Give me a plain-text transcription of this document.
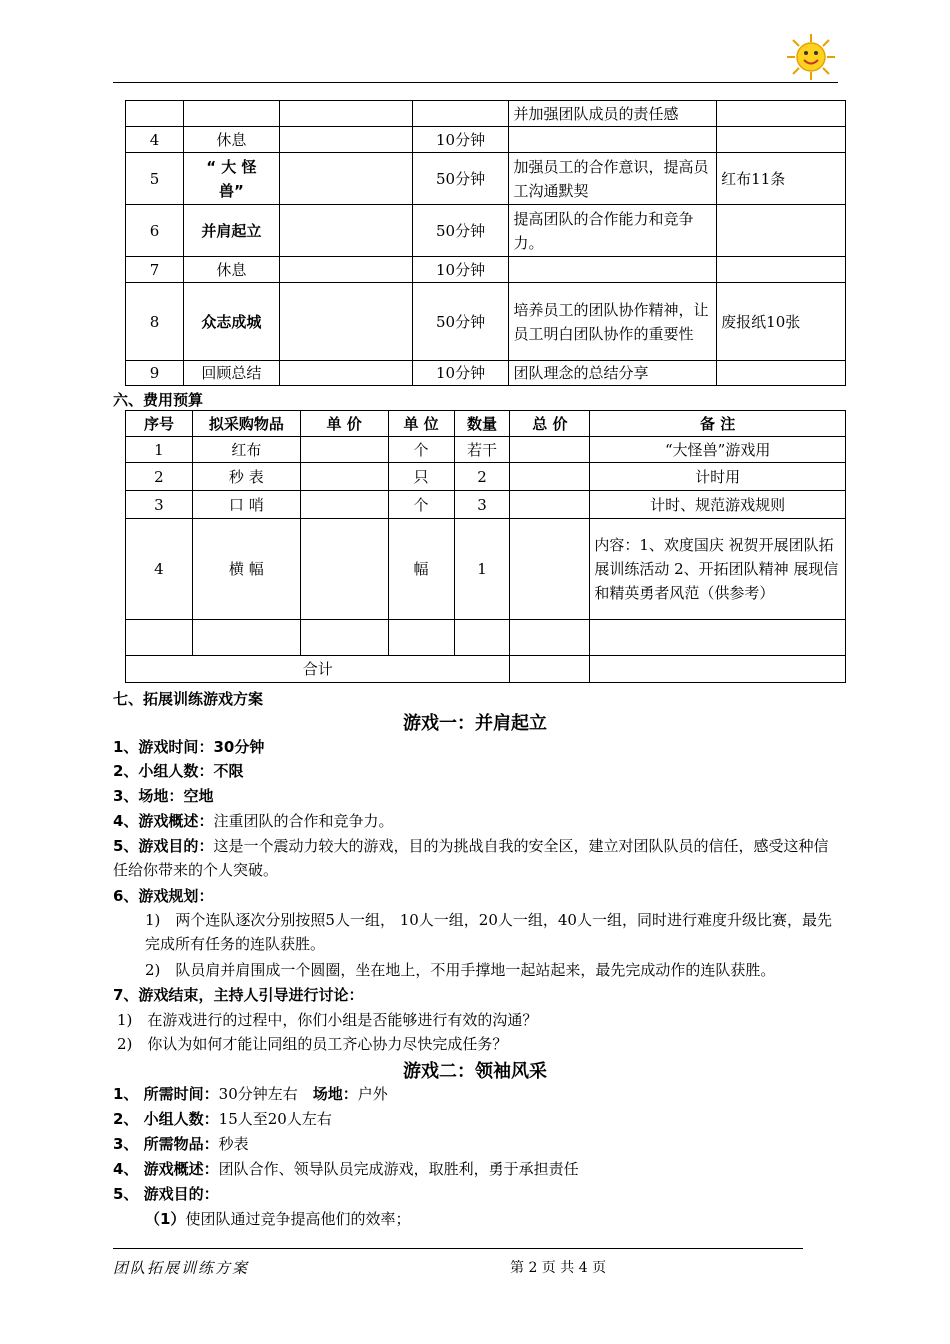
				并加强团队成员的责任感	
4	休息		10分钟		
5	“ 大 怪兽”		50分钟	加强员工的合作意识，提高员工沟通默契	红布11条
6	并肩起立		50分钟	提高团队的合作能力和竞争力。	
7	休息		10分钟		
8	众志成城		50分钟	培养员工的团队协作精神，让员工明白团队协作的重要性	废报纸10张
9	回顾总结		10分钟	团队理念的总结分享	
六、费用预算
序号	拟采购物品	单 价	单 位	数量	总 价	备 注
1	红布		个	若干		“大怪兽”游戏用
2	秒 表		只	2		计时用
3	口 哨		个	3		计时、规范游戏规则
4	横 幅		幅	1		内容：1、欢度国庆 祝贺开展团队拓展训练活动 2、开拓团队精神 展现信和精英勇者风范（供参考）

合计						
七、拓展训练游戏方案
游戏一：并肩起立
1、游戏时间：30分钟
2、小组人数：不限
3、场地：空地
4、游戏概述：注重团队的合作和竞争力。
5、游戏目的：这是一个震动力较大的游戏，目的为挑战自我的安全区，建立对团队队员的信任，感受这种信任给你带来的个人突破。
6、游戏规划：
1)　两个连队逐次分别按照5人一组， 10人一组，20人一组，40人一组，同时进行难度升级比赛，最先完成所有任务的连队获胜。
2)　队员肩并肩围成一个圆圈，坐在地上，不用手撑地一起站起来，最先完成动作的连队获胜。
7、游戏结束，主持人引导进行讨论：
1)　在游戏进行的过程中，你们小组是否能够进行有效的沟通？
2)　你认为如何才能让同组的员工齐心协力尽快完成任务？
游戏二：领袖风采
1、 所需时间：30分钟左右　场地：户外
2、 小组人数：15人至20人左右
3、 所需物品：秒表
4、 游戏概述：团队合作、领导队员完成游戏，取胜利，勇于承担责任
5、 游戏目的：
（1）使团队通过竞争提高他们的效率；
团队拓展训练方案	第 2 页 共 4 页
